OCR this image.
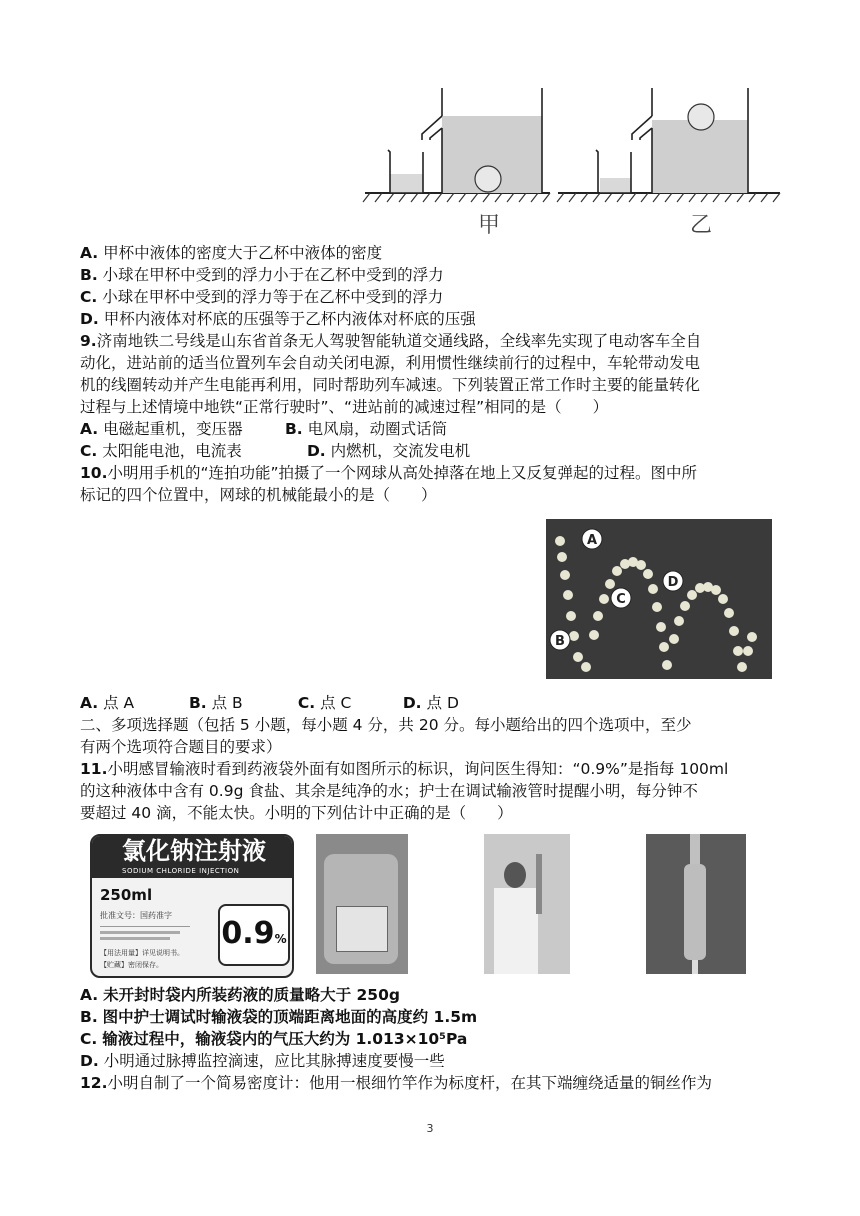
甲	乙
A. 甲杯中液体的密度大于乙杯中液体的密度
B. 小球在甲杯中受到的浮力小于在乙杯中受到的浮力
C. 小球在甲杯中受到的浮力等于在乙杯中受到的浮力
D. 甲杯内液体对杯底的压强等于乙杯内液体对杯底的压强
9.济南地铁二号线是山东省首条无人驾驶智能轨道交通线路，全线率先实现了电动客车全自
动化，进站前的适当位置列车会自动关闭电源，利用惯性继续前行的过程中，车轮带动发电
机的线圈转动并产生电能再利用，同时帮助列车减速。下列装置正常工作时主要的能量转化
过程与上述情境中地铁“正常行驶时”、“进站前的减速过程”相同的是（　　）
A. 电磁起重机，变压器	B. 电风扇，动圈式话筒
C. 太阳能电池，电流表	D. 内燃机，交流发电机
10.小明用手机的“连拍功能”拍摄了一个网球从高处掉落在地上又反复弹起的过程。图中所
标记的四个位置中，网球的机械能最小的是（　　）
A
B
C
D
A. 点 A	B. 点 B	C. 点 C	D. 点 D
二、多项选择题（包括 5 小题，每小题 4 分，共 20 分。每小题给出的四个选项中，至少
有两个选项符合题目的要求）
11.小明感冒输液时看到药液袋外面有如图所示的标识，询问医生得知：“0.9%”是指每 100ml
的这种液体中含有 0.9g 食盐、其余是纯净的水；护士在调试输液管时提醒小明，每分钟不
要超过 40 滴，不能太快。小明的下列估计中正确的是（　　）
氯化钠注射液
SODIUM CHLORIDE INJECTION
250ml
批准文号：国药准字
【用法用量】详见说明书。
【贮藏】密闭保存。
0.9%
A. 未开封时袋内所装药液的质量略大于 250g
B. 图中护士调试时输液袋的顶端距离地面的高度约 1.5m
C. 输液过程中，输液袋内的气压大约为 1.013×10⁵Pa
D. 小明通过脉搏监控滴速，应比其脉搏速度要慢一些
12.小明自制了一个简易密度计：他用一根细竹竿作为标度杆，在其下端缠绕适量的铜丝作为
3
